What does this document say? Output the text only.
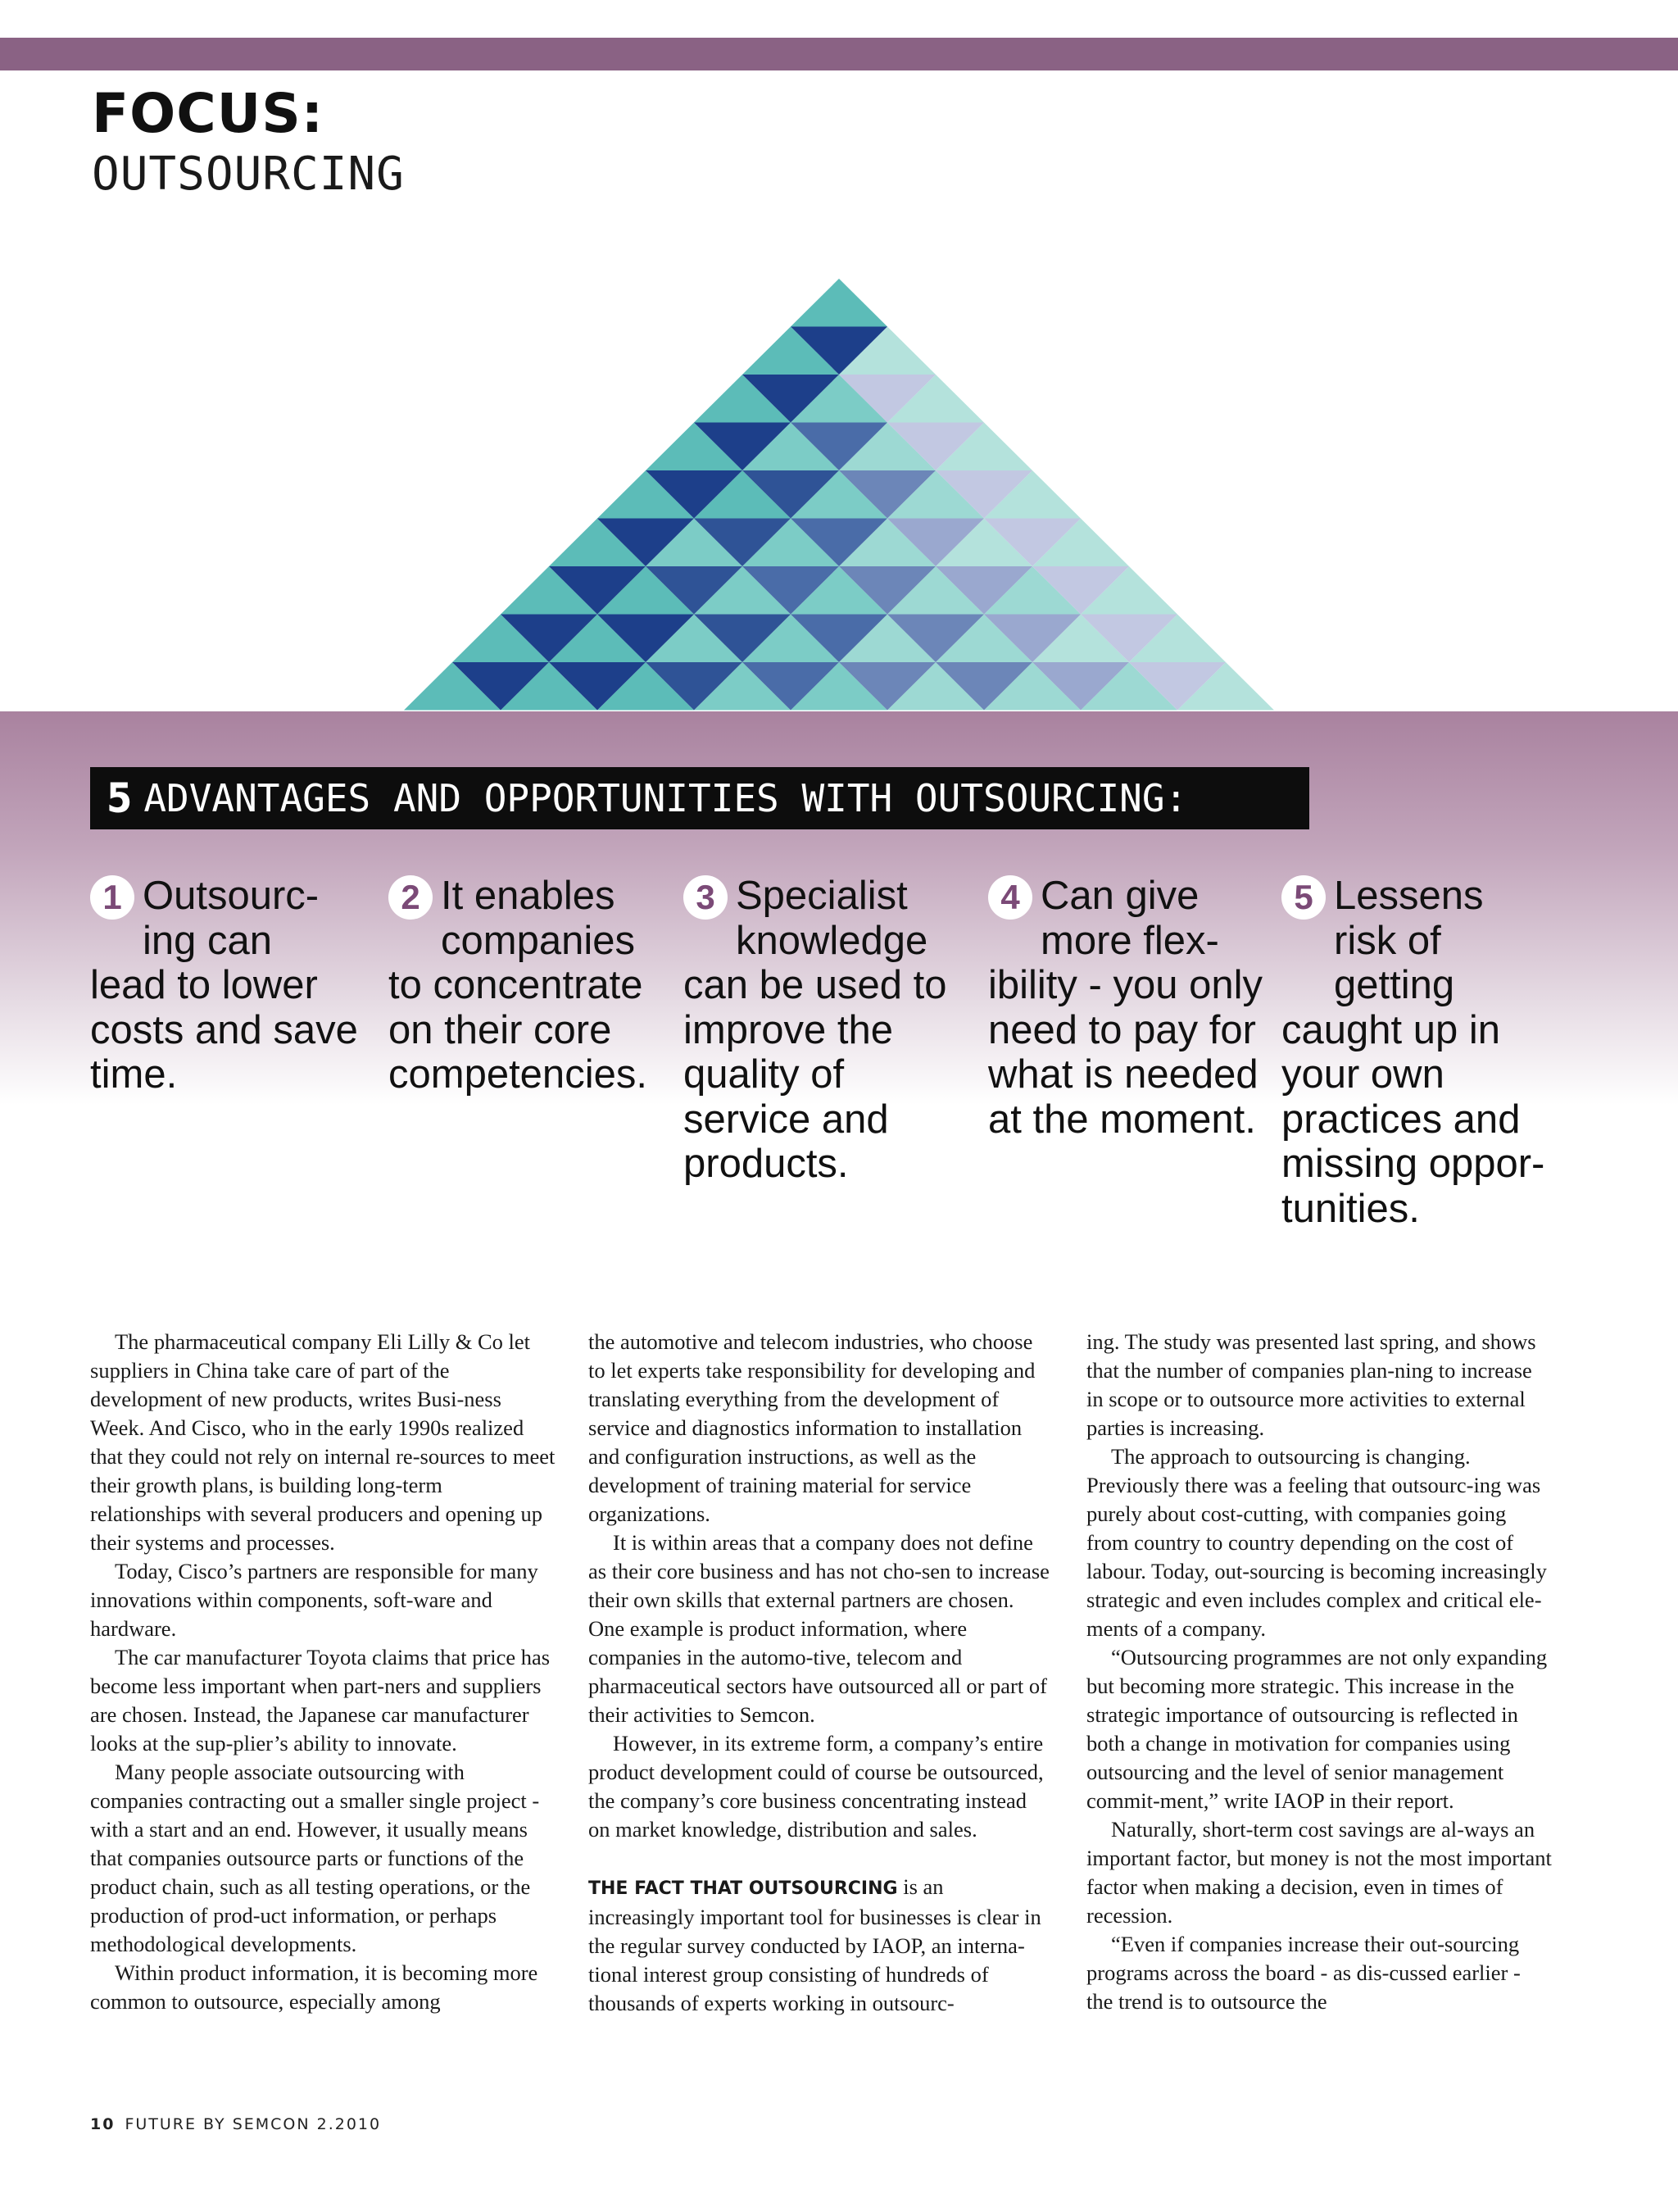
FOCUS:
OUTSOURCING
5 ADVANTAGES AND OPPORTUNITIES WITH OUTSOURCING:
1 Outsourc-ing can
lead to lower costs and save time.
2 It enables companies
to concentrate on their core competencies.
3 Specialist knowledge
can be used to improve the quality of service and products.
4 Can give more flex-
ibility - you only need to pay for what is needed at the moment.
5 Lessens risk of getting
caught up in your own practices and missing oppor-tunities.

The pharmaceutical company Eli Lilly & Co let suppliers in China take care of part of the development of new products, writes Busi-ness Week. And Cisco, who in the early 1990s realized that they could not rely on internal re-sources to meet their growth plans, is building long-term relationships with several producers and opening up their systems and processes.

Today, Cisco’s partners are responsible for many innovations within components, soft-ware and hardware.

The car manufacturer Toyota claims that price has become less important when part-ners and suppliers are chosen. Instead, the Japanese car manufacturer looks at the sup-plier’s ability to innovate.

Many people associate outsourcing with companies contracting out a smaller single project - with a start and an end. However, it usually means that companies outsource parts or functions of the product chain, such as all testing operations, or the production of prod-uct information, or perhaps methodological developments.

Within product information, it is becoming more common to outsource, especially among

the automotive and telecom industries, who choose to let experts take responsibility for developing and translating everything from the development of service and diagnostics information to installation and configuration instructions, as well as the development of training material for service organizations.

It is within areas that a company does not define as their core business and has not cho-sen to increase their own skills that external partners are chosen. One example is product information, where companies in the automo-tive, telecom and pharmaceutical sectors have outsourced all or part of their activities to Semcon.

However, in its extreme form, a company’s entire product development could of course be outsourced, the company’s core business concentrating instead on market knowledge, distribution and sales.

THE FACT THAT OUTSOURCING is an increasingly important tool for businesses is clear in the regular survey conducted by IAOP, an interna-tional interest group consisting of hundreds of thousands of experts working in outsourc-

ing. The study was presented last spring, and shows that the number of companies plan-ning to increase in scope or to outsource more activities to external parties is increasing.

The approach to outsourcing is changing. Previously there was a feeling that outsourc-ing was purely about cost-cutting, with companies going from country to country depending on the cost of labour. Today, out-sourcing is becoming increasingly strategic and even includes complex and critical ele-ments of a company.

“Outsourcing programmes are not only expanding but becoming more strategic. This increase in the strategic importance of outsourcing is reflected in both a change in motivation for companies using outsourcing and the level of senior management commit-ment,” write IAOP in their report.

Naturally, short-term cost savings are al-ways an important factor, but money is not the most important factor when making a decision, even in times of recession.

“Even if companies increase their out-sourcing programs across the board - as dis-cussed earlier - the trend is to outsource the

10 FUTURE BY SEMCON 2.2010
